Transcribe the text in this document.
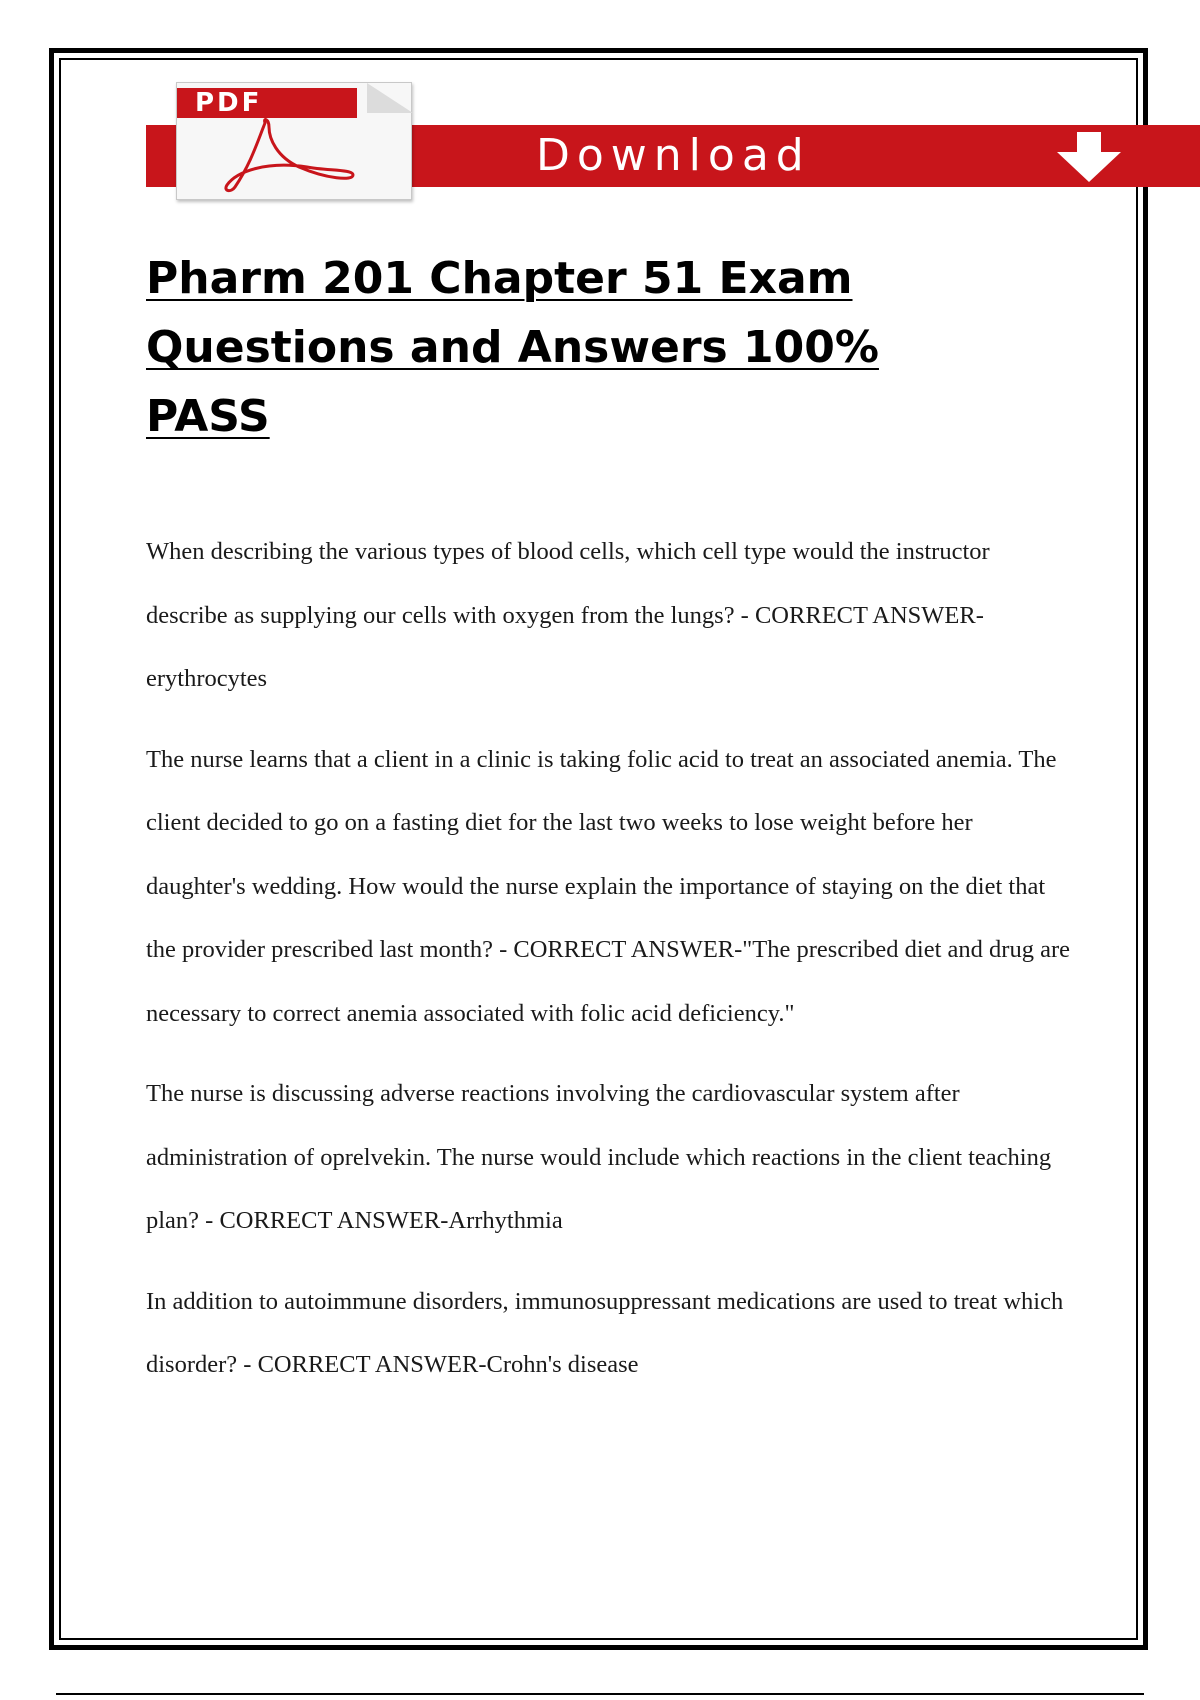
Download
PDF
Pharm 201 Chapter 51 Exam
Questions and Answers 100%
PASS

When describing the various types of blood cells, which cell type would the instructor describe as supplying our cells with oxygen from the lungs? - CORRECT ANSWER-erythrocytes

The nurse learns that a client in a clinic is taking folic acid to treat an associated anemia. The client decided to go on a fasting diet for the last two weeks to lose weight before her daughter's wedding. How would the nurse explain the importance of staying on the diet that the provider prescribed last month? - CORRECT ANSWER-"The prescribed diet and drug are necessary to correct anemia associated with folic acid deficiency."

The nurse is discussing adverse reactions involving the cardiovascular system after administration of oprelvekin. The nurse would include which reactions in the client teaching plan? - CORRECT ANSWER-Arrhythmia

In addition to autoimmune disorders, immunosuppressant medications are used to treat which disorder? - CORRECT ANSWER-Crohn's disease
